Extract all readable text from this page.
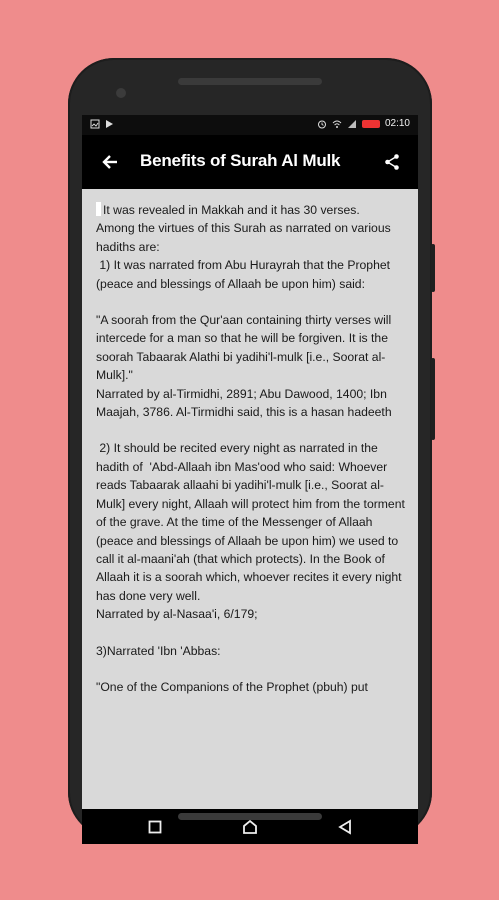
02:10
Benefits of Surah Al Mulk

It was revealed in Makkah and it has 30 verses.
Among the virtues of this Surah as narrated on various hadiths are:
1) It was narrated from Abu Hurayrah that the Prophet (peace and blessings of Allaah be upon him) said:

"A soorah from the Qur'aan containing thirty verses will intercede for a man so that he will be forgiven. It is the soorah Tabaarak Alathi bi yadihi'l-mulk [i.e., Soorat al-Mulk]."
Narrated by al-Tirmidhi, 2891; Abu Dawood, 1400; Ibn Maajah, 3786. Al-Tirmidhi said, this is a hasan hadeeth

2) It should be recited every night as narrated in the hadith of  'Abd-Allaah ibn Mas'ood who said: Whoever reads Tabaarak allaahi bi yadihi'l-mulk [i.e., Soorat al-Mulk] every night, Allaah will protect him from the torment of the grave. At the time of the Messenger of Allaah (peace and blessings of Allaah be upon him) we used to call it al-maani'ah (that which protects). In the Book of Allaah it is a soorah which, whoever recites it every night has done very well.
Narrated by al-Nasaa'i, 6/179;

3)Narrated 'Ibn 'Abbas:

"One of the Companions of the Prophet (pbuh) put
